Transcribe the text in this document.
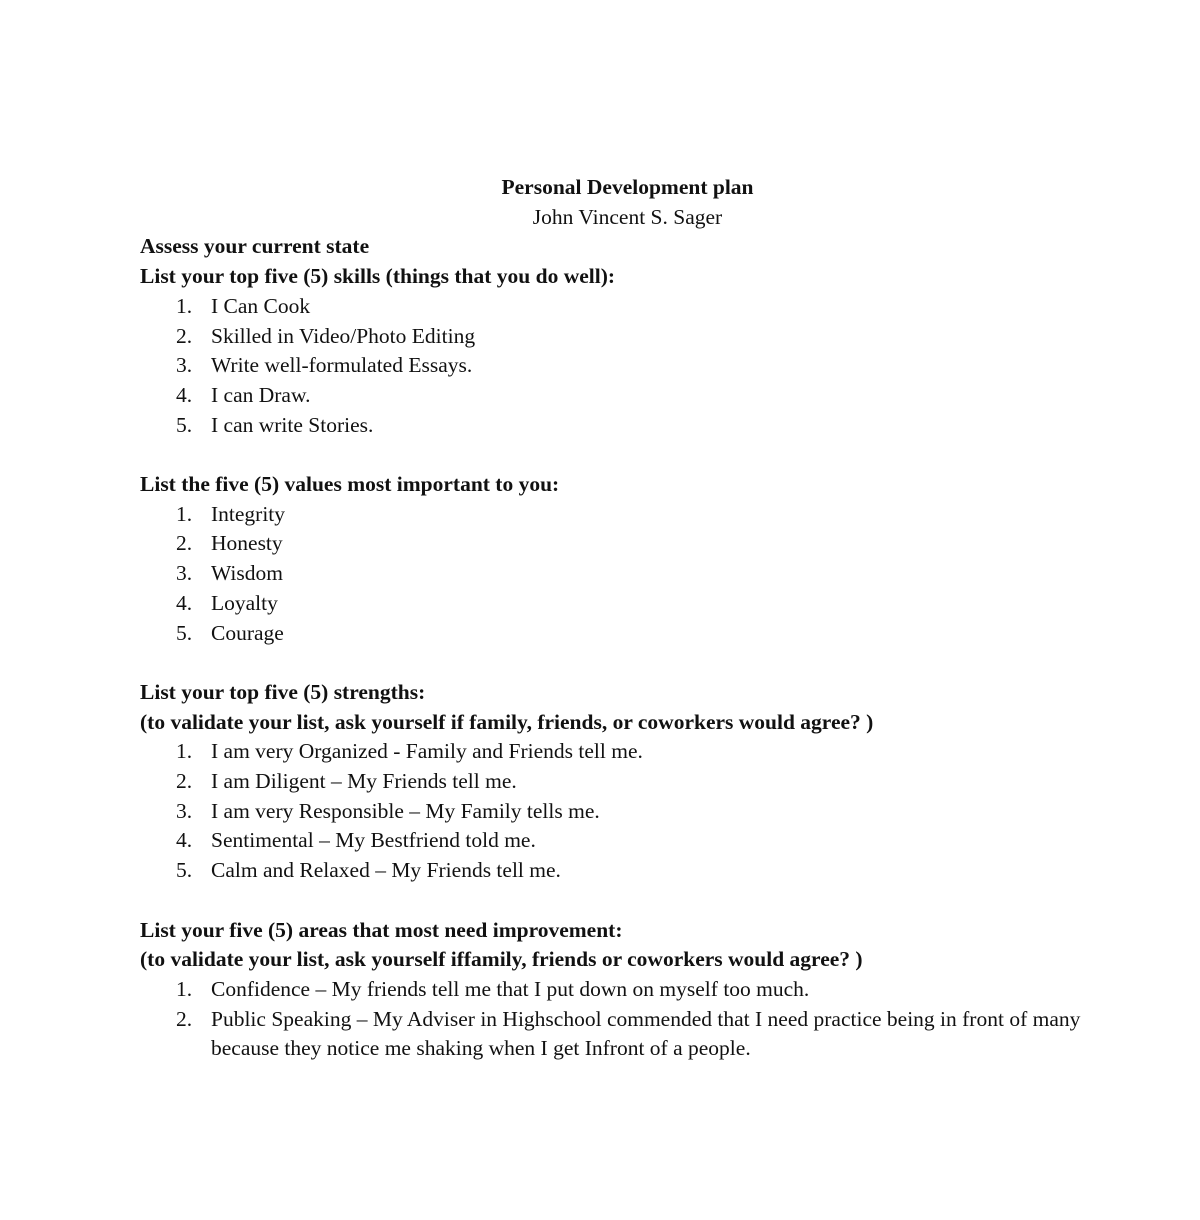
Personal Development plan
John Vincent S. Sager
Assess your current state
List your top five (5) skills (things that you do well):
1. I Can Cook
2. Skilled in Video/Photo Editing
3. Write well-formulated Essays.
4. I can Draw.
5. I can write Stories.
List the five (5) values most important to you:
1. Integrity
2. Honesty
3. Wisdom
4. Loyalty
5. Courage
List your top five (5) strengths:
(to validate your list, ask yourself if family, friends, or coworkers would agree? )
1. I am very Organized - Family and Friends tell me.
2. I am Diligent – My Friends tell me.
3. I am very Responsible – My Family tells me.
4. Sentimental – My Bestfriend told me.
5. Calm and Relaxed – My Friends tell me.
List your five (5) areas that most need improvement:
(to validate your list, ask yourself iffamily, friends or coworkers would agree? )
1. Confidence – My friends tell me that I put down on myself too much.
2. Public Speaking – My Adviser in Highschool commended that I need practice being in front of many because they notice me shaking when I get Infront of a people.
